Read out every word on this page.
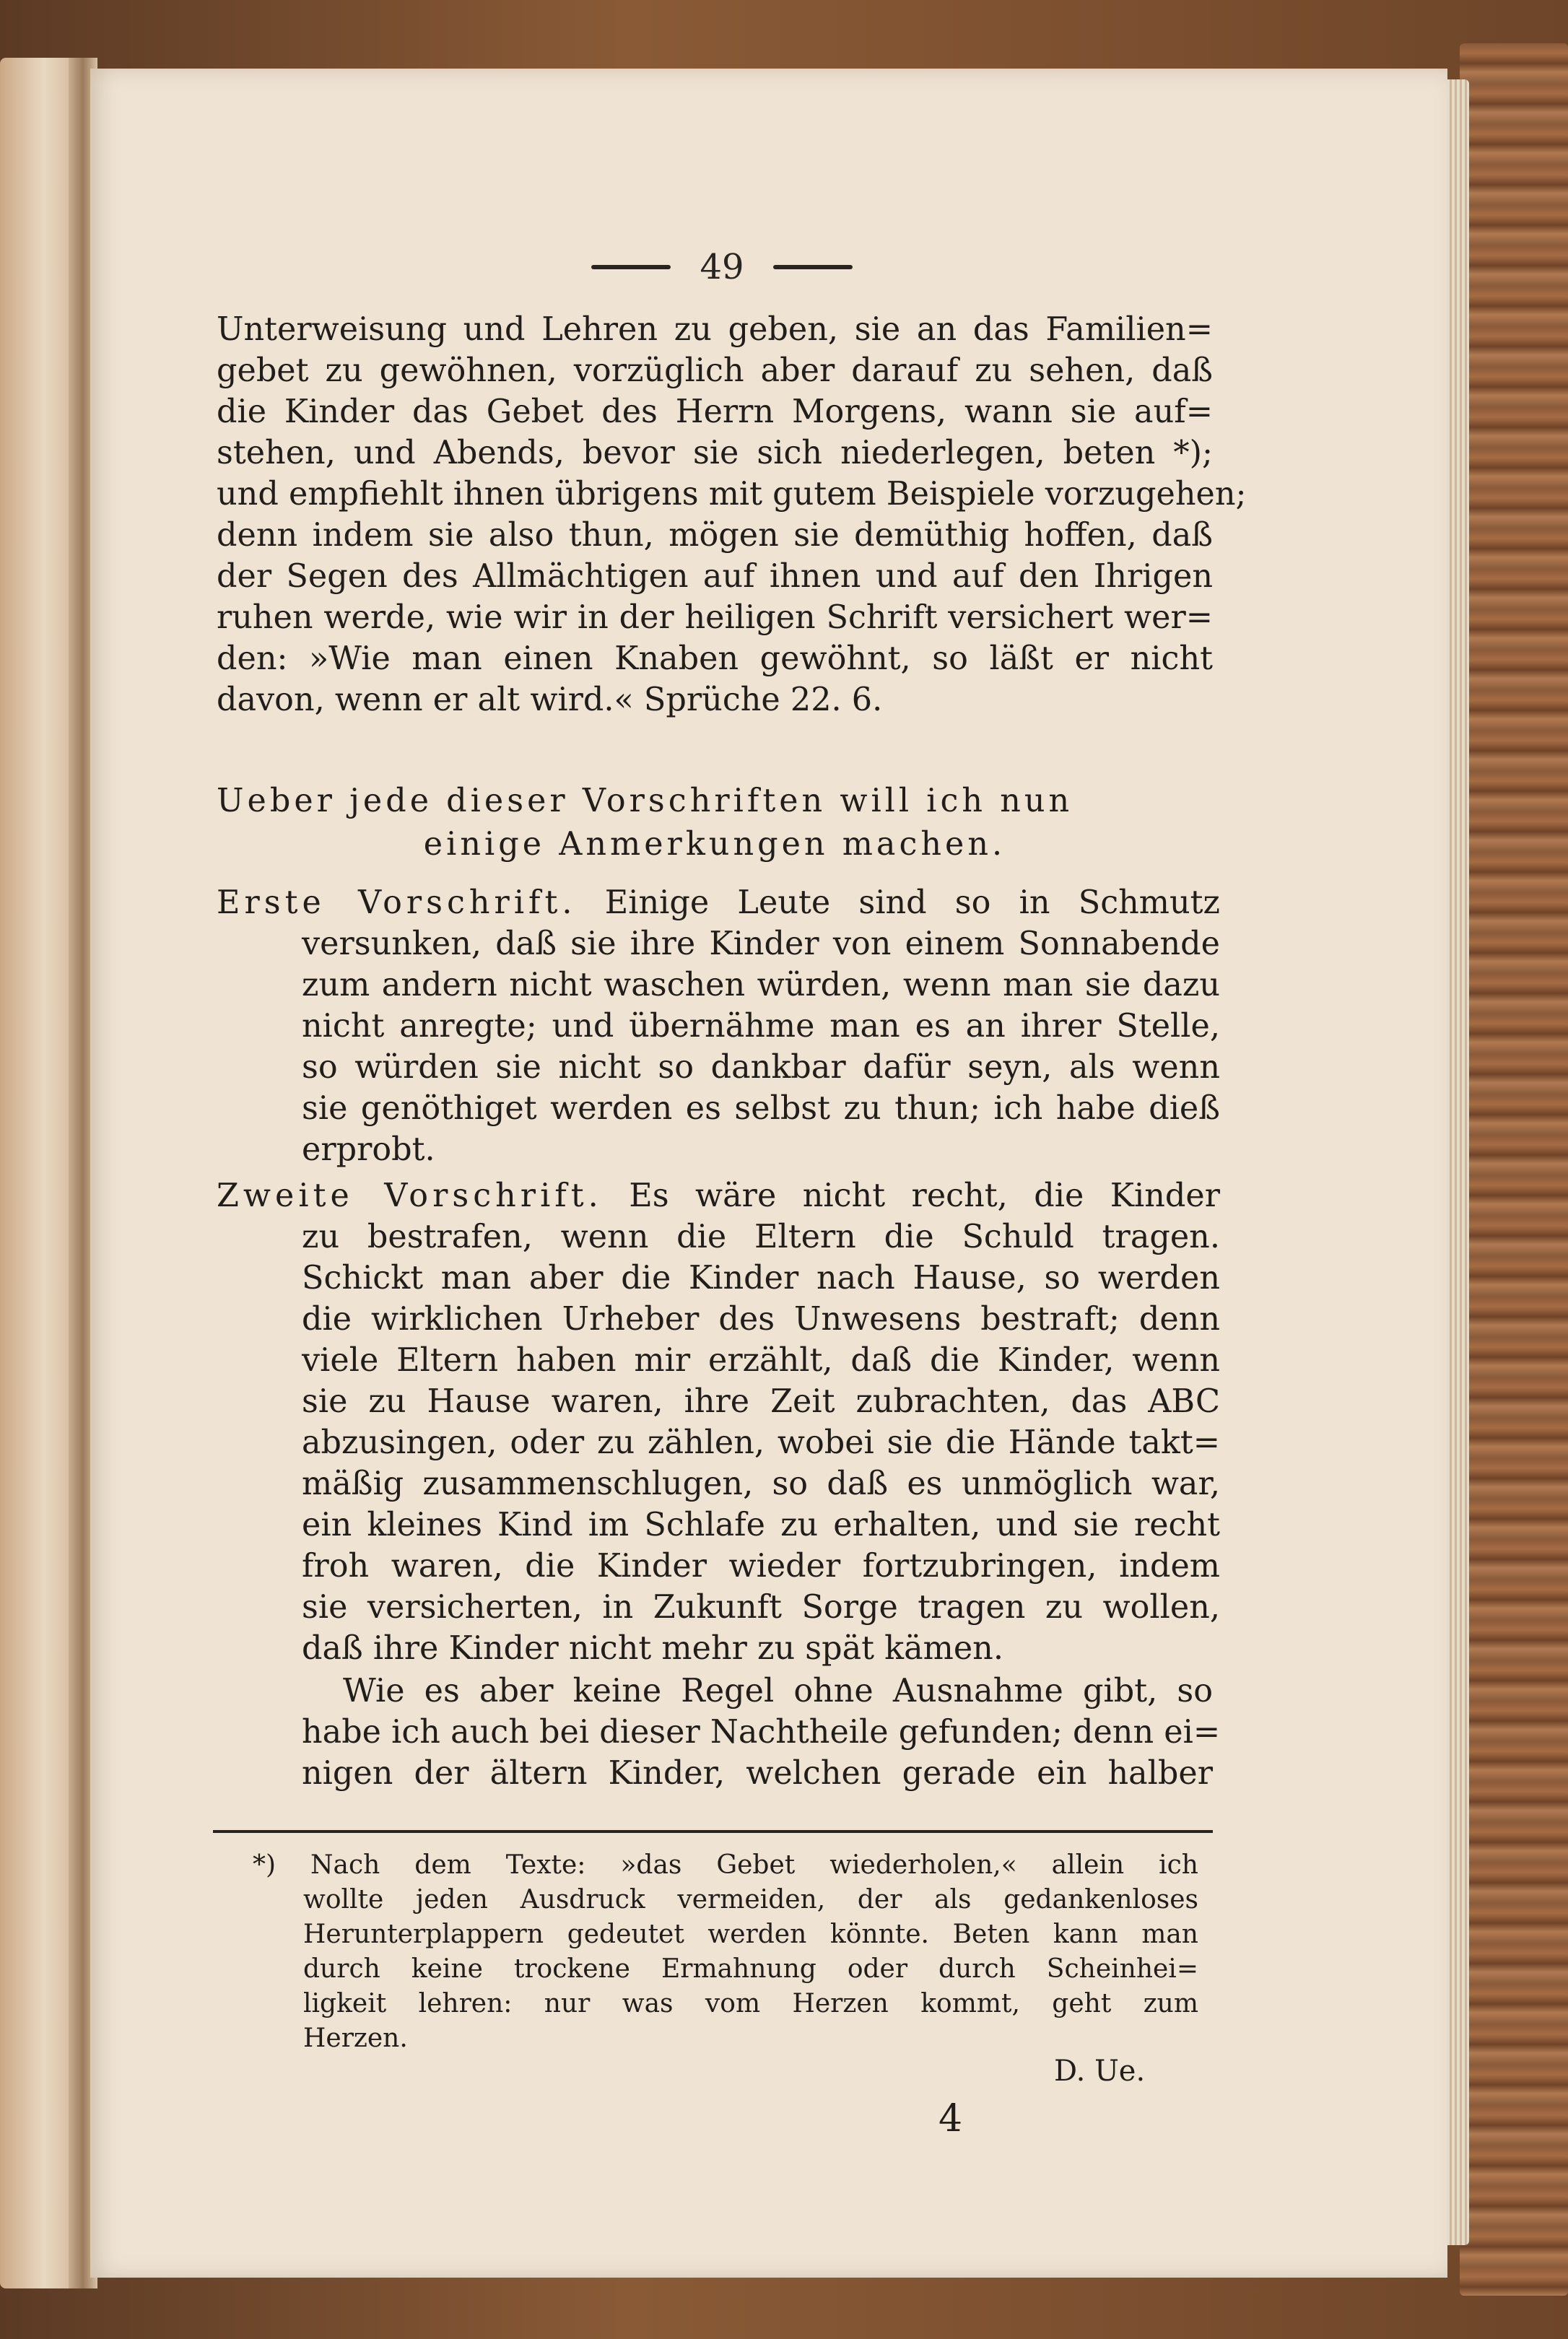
49
Unterweisung und Lehren zu geben, sie an das Familien=
gebet zu gewöhnen, vorzüglich aber darauf zu sehen, daß
die Kinder das Gebet des Herrn Morgens, wann sie auf=
stehen, und Abends, bevor sie sich niederlegen, beten *);
und empfiehlt ihnen übrigens mit gutem Beispiele vorzugehen;
denn indem sie also thun, mögen sie demüthig hoffen, daß
der Segen des Allmächtigen auf ihnen und auf den Ihrigen
ruhen werde, wie wir in der heiligen Schrift versichert wer=
den: »Wie man einen Knaben gewöhnt, so läßt er nicht
davon, wenn er alt wird.« Sprüche 22. 6.
Ueber jede dieser Vorschriften will ich nun
einige Anmerkungen machen.
Erste Vorschrift. Einige Leute sind so in Schmutz
versunken, daß sie ihre Kinder von einem Sonnabende
zum andern nicht waschen würden, wenn man sie dazu
nicht anregte; und übernähme man es an ihrer Stelle,
so würden sie nicht so dankbar dafür seyn, als wenn
sie genöthiget werden es selbst zu thun; ich habe dieß
erprobt.
Zweite Vorschrift. Es wäre nicht recht, die Kinder
zu bestrafen, wenn die Eltern die Schuld tragen.
Schickt man aber die Kinder nach Hause, so werden
die wirklichen Urheber des Unwesens bestraft; denn
viele Eltern haben mir erzählt, daß die Kinder, wenn
sie zu Hause waren, ihre Zeit zubrachten, das ABC
abzusingen, oder zu zählen, wobei sie die Hände takt=
mäßig zusammenschlugen, so daß es unmöglich war,
ein kleines Kind im Schlafe zu erhalten, und sie recht
froh waren, die Kinder wieder fortzubringen, indem
sie versicherten, in Zukunft Sorge tragen zu wollen,
daß ihre Kinder nicht mehr zu spät kämen.
Wie es aber keine Regel ohne Ausnahme gibt, so
habe ich auch bei dieser Nachtheile gefunden; denn ei=
nigen der ältern Kinder, welchen gerade ein halber
*) Nach dem Texte: »das Gebet wiederholen,« allein ich
wollte jeden Ausdruck vermeiden, der als gedankenloses
Herunterplappern gedeutet werden könnte. Beten kann man
durch keine trockene Ermahnung oder durch Scheinhei=
ligkeit lehren: nur was vom Herzen kommt, geht zum
Herzen.
D. Ue.
4
